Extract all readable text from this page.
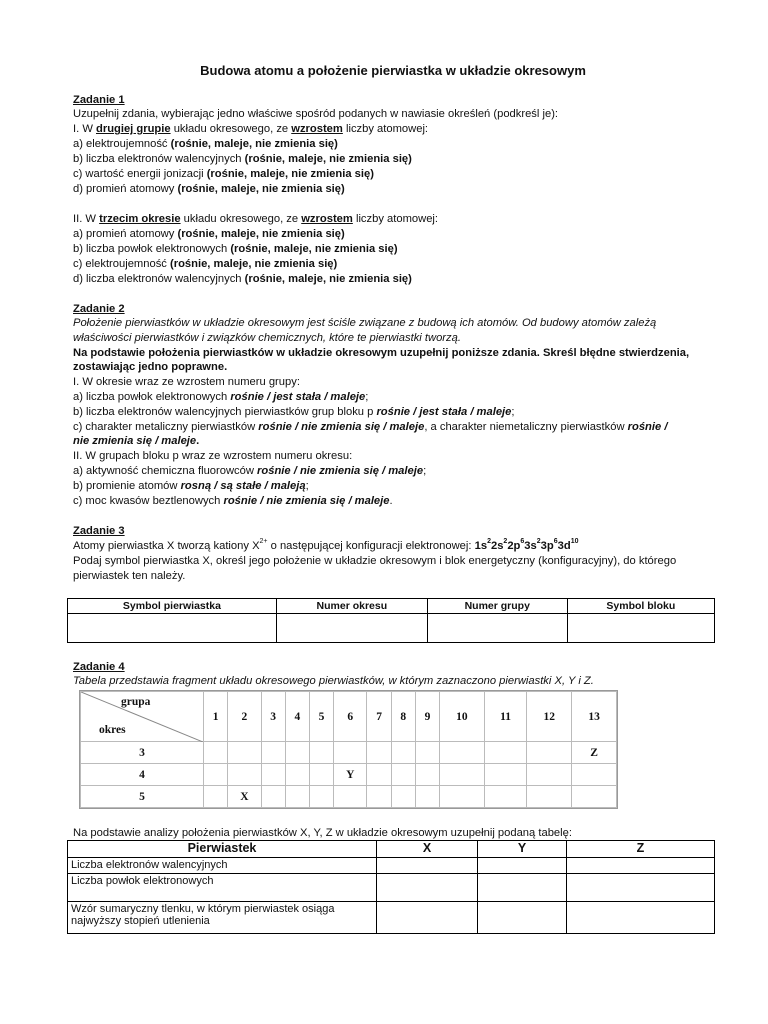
Budowa atomu a położenie pierwiastka w układzie okresowym
Zadanie 1
Uzupełnij zdania, wybierając jedno właściwe spośród podanych w nawiasie określeń (podkreśl je):
I. W drugiej grupie układu okresowego, ze wzrostem liczby atomowej:
a) elektroujemność (rośnie, maleje, nie zmienia się)
b) liczba elektronów walencyjnych (rośnie, maleje, nie zmienia się)
c) wartość energii jonizacji (rośnie, maleje, nie zmienia się)
d) promień atomowy (rośnie, maleje, nie zmienia się)
II. W trzecim okresie układu okresowego, ze wzrostem liczby atomowej:
a) promień atomowy (rośnie, maleje, nie zmienia się)
b) liczba powłok elektronowych (rośnie, maleje, nie zmienia się)
c) elektroujemność (rośnie, maleje, nie zmienia się)
d) liczba elektronów walencyjnych (rośnie, maleje, nie zmienia się)
Zadanie 2
Położenie pierwiastków w układzie okresowym jest ściśle związane z budową ich atomów. Od budowy atomów zależą
właściwości pierwiastków i związków chemicznych, które te pierwiastki tworzą.
Na podstawie położenia pierwiastków w układzie okresowym uzupełnij poniższe zdania. Skreśl błędne stwierdzenia,
zostawiając jedno poprawne.
I. W okresie wraz ze wzrostem numeru grupy:
a) liczba powłok elektronowych rośnie / jest stała / maleje;
b) liczba elektronów walencyjnych pierwiastków grup bloku p rośnie / jest stała / maleje;
c) charakter metaliczny pierwiastków rośnie / nie zmienia się / maleje, a charakter niemetaliczny pierwiastków rośnie /
nie zmienia się / maleje.
II. W grupach bloku p wraz ze wzrostem numeru okresu:
a) aktywność chemiczna fluorowców rośnie / nie zmienia się / maleje;
b) promienie atomów rosną / są stałe / maleją;
c) moc kwasów beztlenowych rośnie / nie zmienia się / maleje.
Zadanie 3
Atomy pierwiastka X tworzą kationy $X^{2+}$ o następującej konfiguracji elektronowej: $1s^22s^22p^63s^23p^63d^{10}$
Podaj symbol pierwiastka X, określ jego położenie w układzie okresowym i blok energetyczny (konfiguracyjny), do którego
pierwiastek ten należy.
Symbol pierwiastka	Numer okresu	Numer grupy	Symbol bloku

Zadanie 4
Tabela przedstawia fragment układu okresowego pierwiastków, w którym zaznaczono pierwiastki X, Y i Z.
grupa
okres	1	2	3	4	5	6	7	8	9	10	11	12	13
3													Z
4						Y							
5		X											
Na podstawie analizy położenia pierwiastków X, Y, Z w układzie okresowym uzupełnij podaną tabelę:
Pierwiastek	X	Y	Z
Liczba elektronów walencyjnych			
Liczba powłok elektronowych			
Wzór sumaryczny tlenku, w którym pierwiastek osiąga
najwyższy stopień utlenienia			
